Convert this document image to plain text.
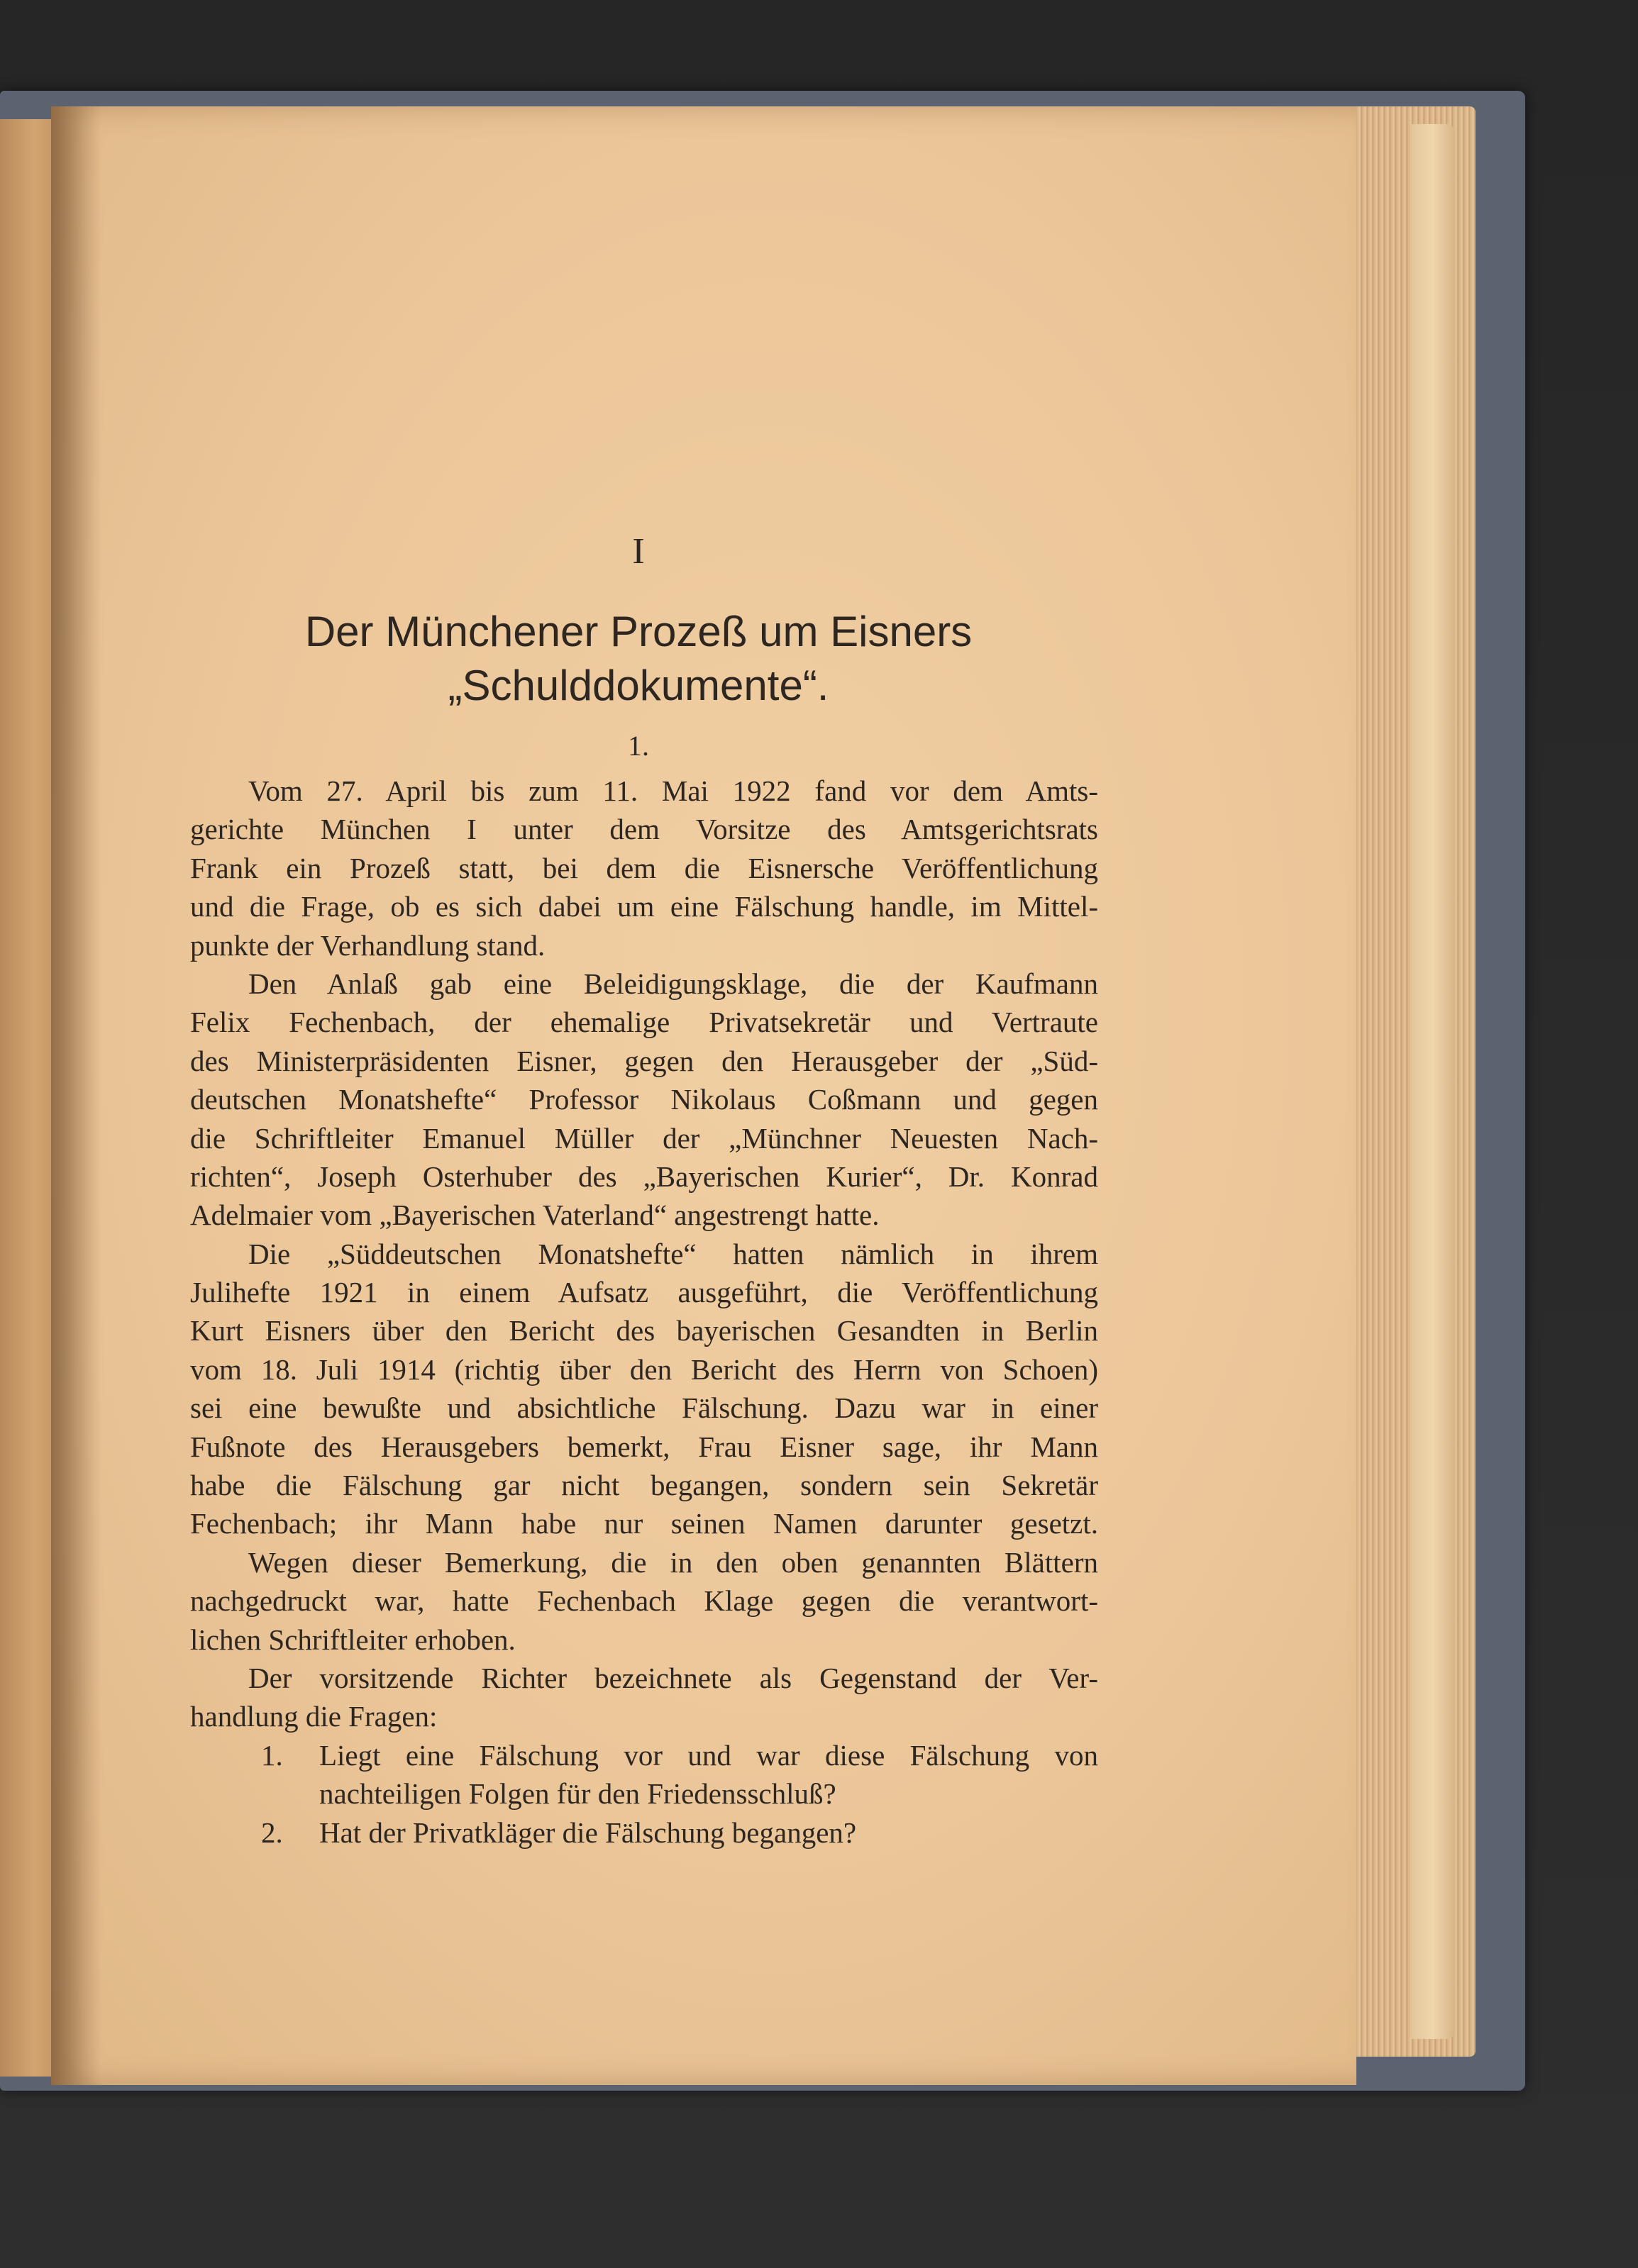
I

Der Münchener Prozeß um Eisners
„Schulddokumente“.

1.

Vom 27. April bis zum 11. Mai 1922 fand vor dem Amts-
gerichte München I unter dem Vorsitze des Amtsgerichtsrats
Frank ein Prozeß statt, bei dem die Eisnersche Veröffentlichung
und die Frage, ob es sich dabei um eine Fälschung handle, im Mittel-
punkte der Verhandlung stand.
Den Anlaß gab eine Beleidigungsklage, die der Kaufmann
Felix Fechenbach, der ehemalige Privatsekretär und Vertraute
des Ministerpräsidenten Eisner, gegen den Herausgeber der „Süd-
deutschen Monatshefte“ Professor Nikolaus Coßmann und gegen
die Schriftleiter Emanuel Müller der „Münchner Neuesten Nach-
richten“, Joseph Osterhuber des „Bayerischen Kurier“, Dr. Konrad
Adelmaier vom „Bayerischen Vaterland“ angestrengt hatte.
Die „Süddeutschen Monatshefte“ hatten nämlich in ihrem
Julihefte 1921 in einem Aufsatz ausgeführt, die Veröffentlichung
Kurt Eisners über den Bericht des bayerischen Gesandten in Berlin
vom 18. Juli 1914 (richtig über den Bericht des Herrn von Schoen)
sei eine bewußte und absichtliche Fälschung. Dazu war in einer
Fußnote des Herausgebers bemerkt, Frau Eisner sage, ihr Mann
habe die Fälschung gar nicht begangen, sondern sein Sekretär
Fechenbach; ihr Mann habe nur seinen Namen darunter gesetzt.
Wegen dieser Bemerkung, die in den oben genannten Blättern
nachgedruckt war, hatte Fechenbach Klage gegen die verantwort-
lichen Schriftleiter erhoben.
Der vorsitzende Richter bezeichnete als Gegenstand der Ver-
handlung die Fragen:
1. Liegt eine Fälschung vor und war diese Fälschung von
nachteiligen Folgen für den Friedensschluß?
2. Hat der Privatkläger die Fälschung begangen?
